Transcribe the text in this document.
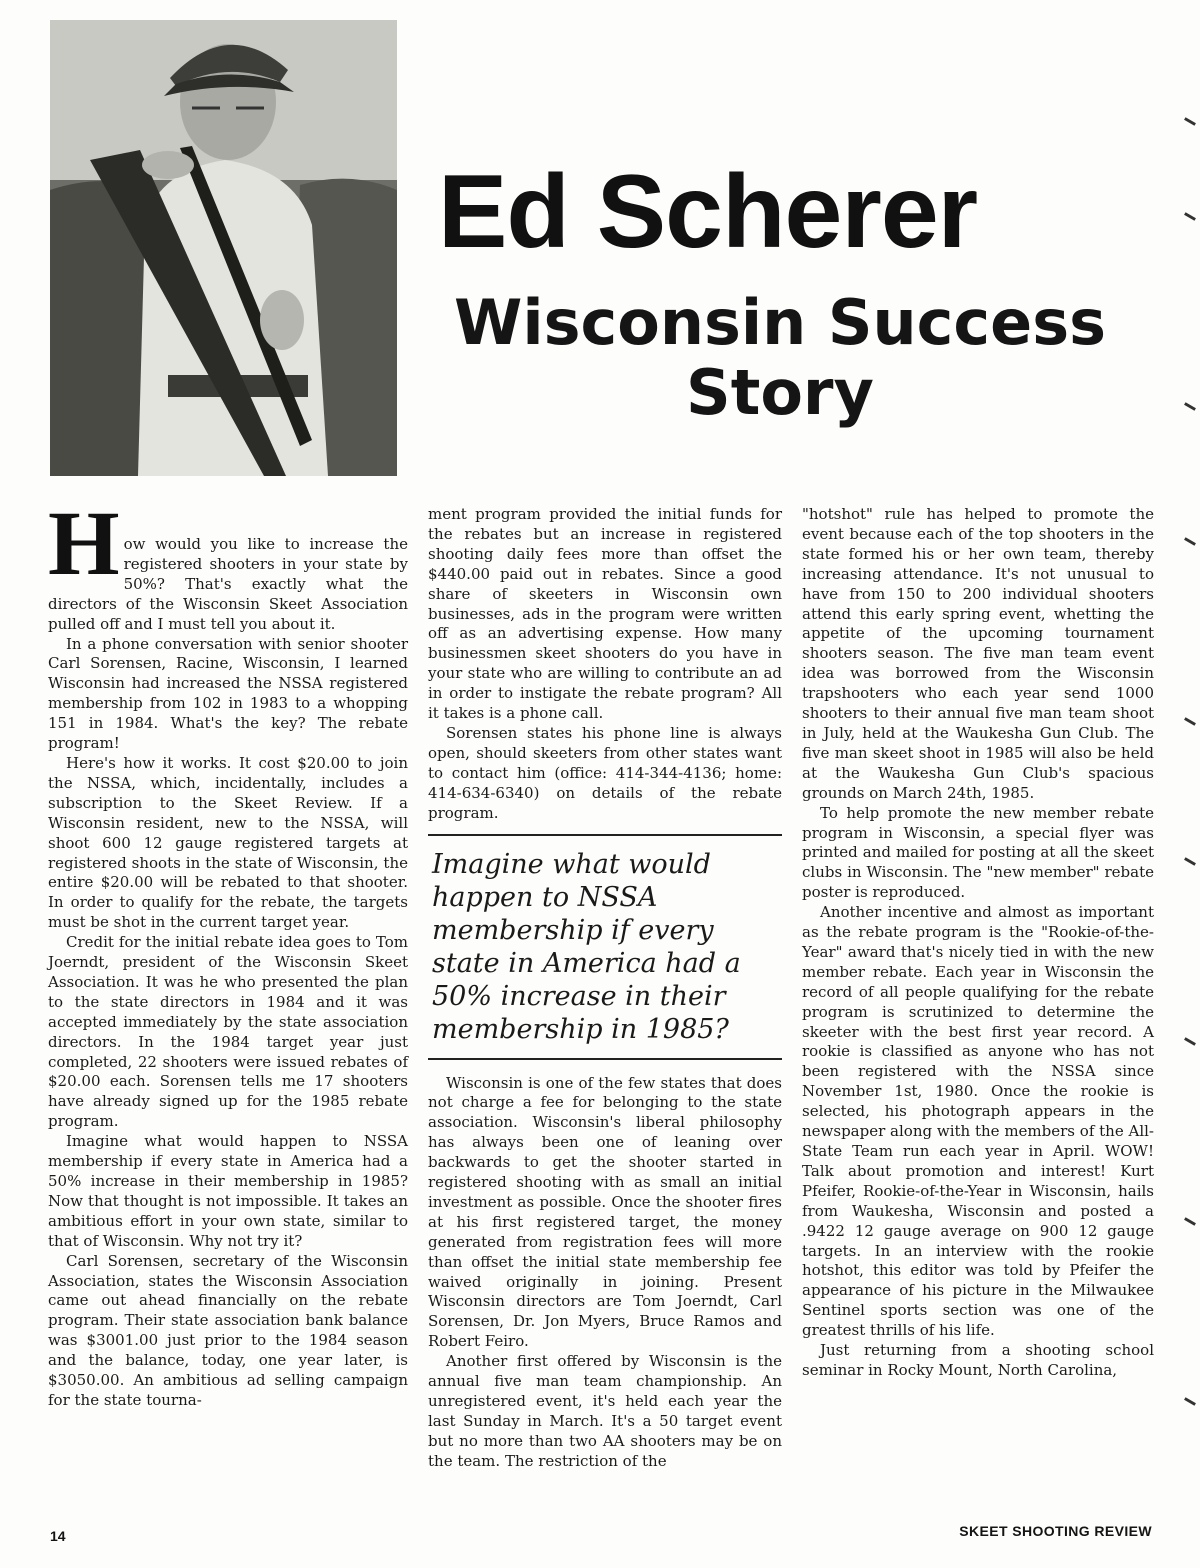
Ed Scherer
Wisconsin Success
Story

How would you like to increase the registered shooters in your state by 50%? That's exactly what the directors of the Wisconsin Skeet Association pulled off and I must tell you about it.

In a phone conversation with senior shooter Carl Sorensen, Racine, Wisconsin, I learned Wisconsin had increased the NSSA registered membership from 102 in 1983 to a whopping 151 in 1984. What's the key? The rebate program!

Here's how it works. It cost $20.00 to join the NSSA, which, incidentally, includes a subscription to the Skeet Review. If a Wisconsin resident, new to the NSSA, will shoot 600 12 gauge registered targets at registered shoots in the state of Wisconsin, the entire $20.00 will be rebated to that shooter. In order to qualify for the rebate, the targets must be shot in the current target year.

Credit for the initial rebate idea goes to Tom Joerndt, president of the Wisconsin Skeet Association. It was he who presented the plan to the state directors in 1984 and it was accepted immediately by the state association directors. In the 1984 target year just completed, 22 shooters were issued rebates of $20.00 each. Sorensen tells me 17 shooters have already signed up for the 1985 rebate program.

Imagine what would happen to NSSA membership if every state in America had a 50% increase in their membership in 1985? Now that thought is not impossible. It takes an ambitious effort in your own state, similar to that of Wisconsin. Why not try it?

Carl Sorensen, secretary of the Wisconsin Association, states the Wisconsin Association came out ahead financially on the rebate program. Their state association bank balance was $3001.00 just prior to the 1984 season and the balance, today, one year later, is $3050.00. An ambitious ad selling campaign for the state tourna-

ment program provided the initial funds for the rebates but an increase in registered shooting daily fees more than offset the $440.00 paid out in rebates. Since a good share of skeeters in Wisconsin own businesses, ads in the program were written off as an advertising expense. How many businessmen skeet shooters do you have in your state who are willing to contribute an ad in order to instigate the rebate program? All it takes is a phone call.

Sorensen states his phone line is always open, should skeeters from other states want to contact him (office: 414-344-4136; home: 414-634-6340) on details of the rebate program.

Imagine what would happen to NSSA membership if every state in America had a 50% increase in their membership in 1985?

Wisconsin is one of the few states that does not charge a fee for belonging to the state association. Wisconsin's liberal philosophy has always been one of leaning over backwards to get the shooter started in registered shooting with as small an initial investment as possible. Once the shooter fires at his first registered target, the money generated from registration fees will more than offset the initial state membership fee waived originally in joining. Present Wisconsin directors are Tom Joerndt, Carl Sorensen, Dr. Jon Myers, Bruce Ramos and Robert Feiro.

Another first offered by Wisconsin is the annual five man team championship. An unregistered event, it's held each year the last Sunday in March. It's a 50 target event but no more than two AA shooters may be on the team. The restriction of the

"hotshot" rule has helped to promote the event because each of the top shooters in the state formed his or her own team, thereby increasing attendance. It's not unusual to have from 150 to 200 individual shooters attend this early spring event, whetting the appetite of the upcoming tournament shooters season. The five man team event idea was borrowed from the Wisconsin trapshooters who each year send 1000 shooters to their annual five man team shoot in July, held at the Waukesha Gun Club. The five man skeet shoot in 1985 will also be held at the Waukesha Gun Club's spacious grounds on March 24th, 1985.

To help promote the new member rebate program in Wisconsin, a special flyer was printed and mailed for posting at all the skeet clubs in Wisconsin. The "new member" rebate poster is reproduced.

Another incentive and almost as important as the rebate program is the "Rookie-of-the-Year" award that's nicely tied in with the new member rebate. Each year in Wisconsin the record of all people qualifying for the rebate program is scrutinized to determine the skeeter with the best first year record. A rookie is classified as anyone who has not been registered with the NSSA since November 1st, 1980. Once the rookie is selected, his photograph appears in the newspaper along with the members of the All-State Team run each year in April. WOW! Talk about promotion and interest! Kurt Pfeifer, Rookie-of-the-Year in Wisconsin, hails from Waukesha, Wisconsin and posted a .9422 12 gauge average on 900 12 gauge targets. In an interview with the rookie hotshot, this editor was told by Pfeifer the appearance of his picture in the Milwaukee Sentinel sports section was one of the greatest thrills of his life.

Just returning from a shooting school seminar in Rocky Mount, North Carolina,

14	SKEET SHOOTING REVIEW
